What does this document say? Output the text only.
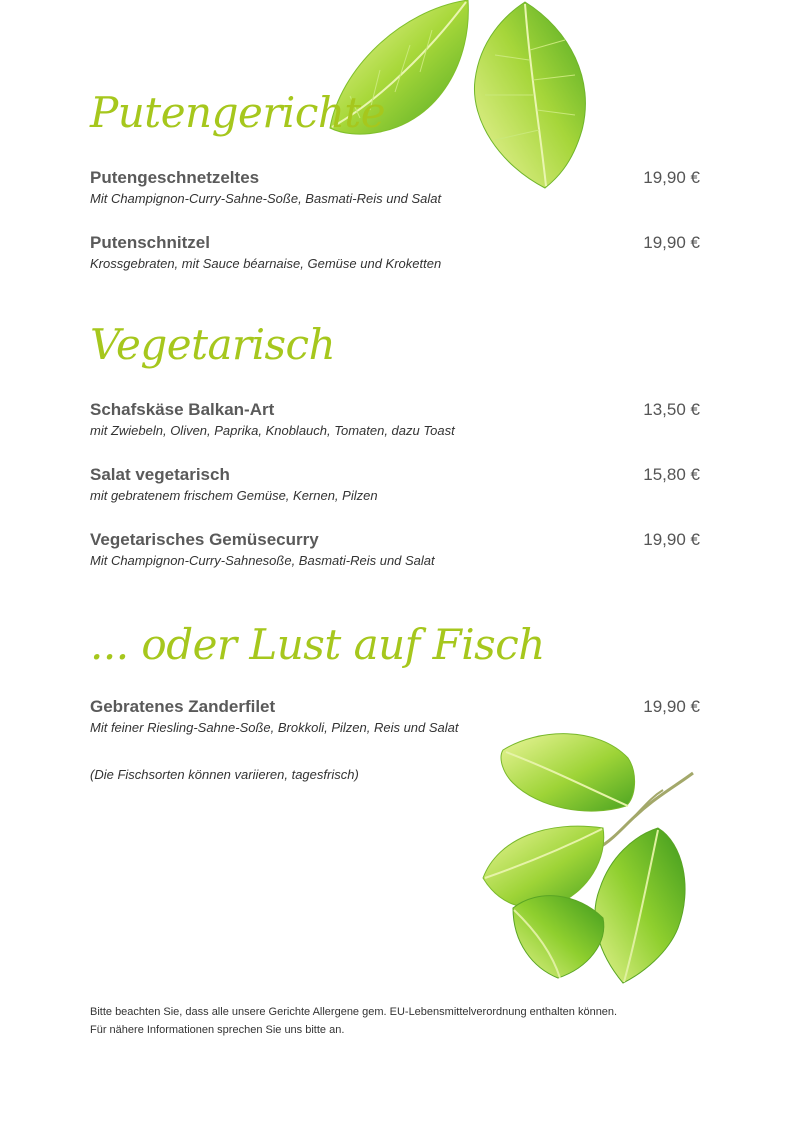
Putengerichte
Putengeschnetzeltes	19,90 €
Mit Champignon-Curry-Sahne-Soße, Basmati-Reis und Salat
Putenschnitzel	19,90 €
Krossgebraten, mit Sauce béarnaise, Gemüse und Kroketten
Vegetarisch
Schafskäse Balkan-Art	13,50 €
mit Zwiebeln, Oliven, Paprika, Knoblauch, Tomaten, dazu Toast
Salat vegetarisch	15,80 €
mit gebratenem frischem Gemüse, Kernen, Pilzen
Vegetarisches Gemüsecurry	19,90 €
Mit Champignon-Curry-Sahnesoße, Basmati-Reis und Salat
... oder Lust auf Fisch
Gebratenes Zanderfilet	19,90 €
Mit feiner Riesling-Sahne-Soße, Brokkoli, Pilzen, Reis und Salat
(Die Fischsorten können variieren, tagesfrisch)
Bitte beachten Sie, dass alle unsere Gerichte Allergene gem. EU-Lebensmittelverordnung enthalten können.
Für nähere Informationen sprechen Sie uns bitte an.
